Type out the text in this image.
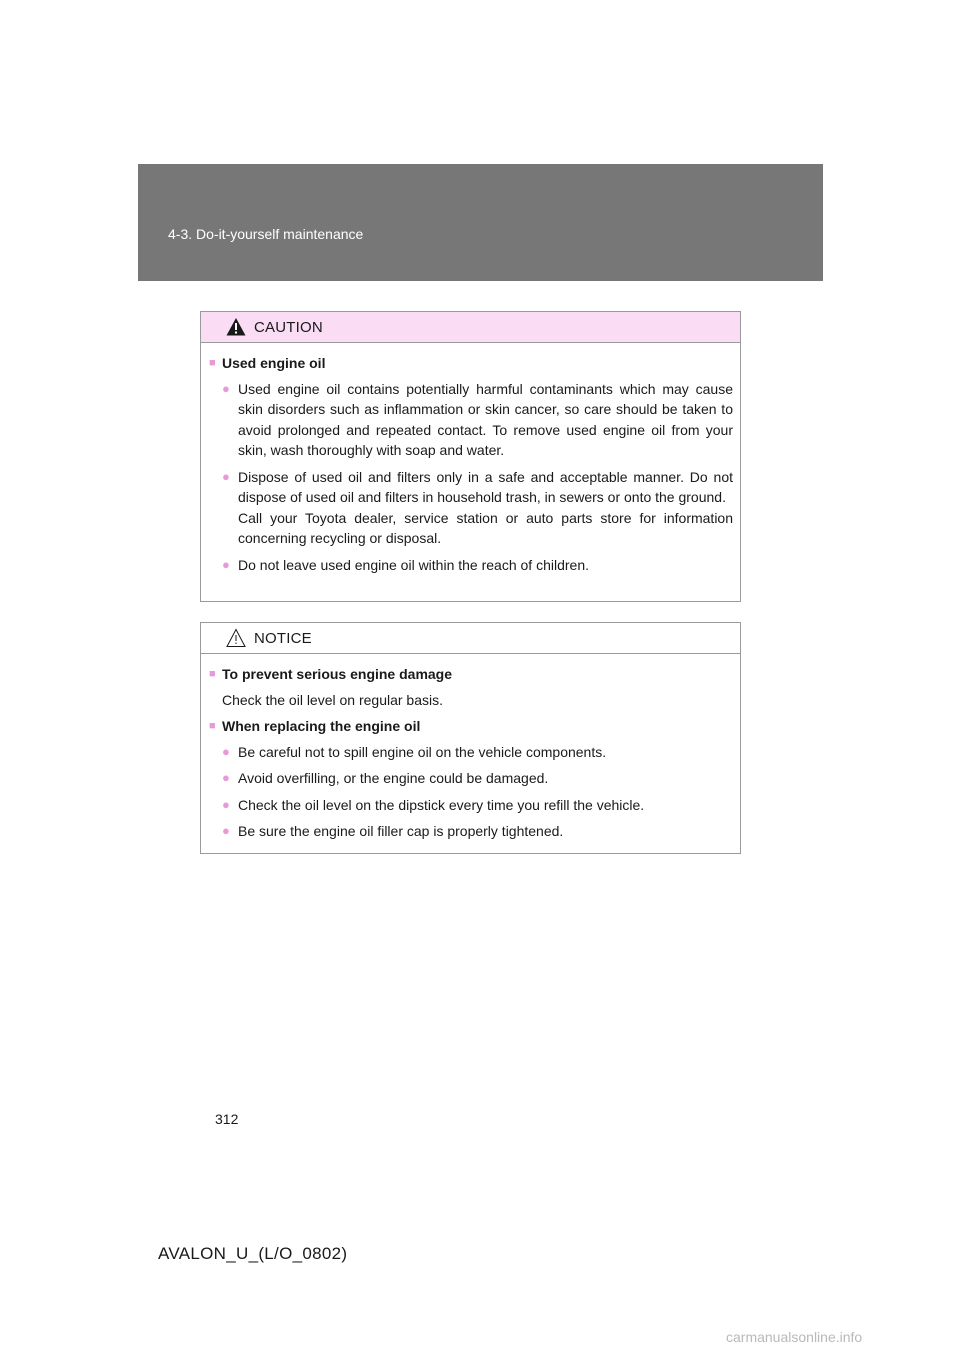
4-3. Do-it-yourself maintenance
CAUTION
■ Used engine oil
● Used engine oil contains potentially harmful contaminants which may cause skin disorders such as inflammation or skin cancer, so care should be taken to avoid prolonged and repeated contact. To remove used engine oil from your skin, wash thoroughly with soap and water.
● Dispose of used oil and filters only in a safe and acceptable manner. Do not dispose of used oil and filters in household trash, in sewers or onto the ground.

Call your Toyota dealer, service station or auto parts store for information concerning recycling or disposal.

● Do not leave used engine oil within the reach of children.
NOTICE
■ To prevent serious engine damage
Check the oil level on regular basis.
■ When replacing the engine oil
● Be careful not to spill engine oil on the vehicle components.
● Avoid overfilling, or the engine could be damaged.
● Check the oil level on the dipstick every time you refill the vehicle.
● Be sure the engine oil filler cap is properly tightened.
312
AVALON_U_(L/O_0802)
carmanualsonline.info
